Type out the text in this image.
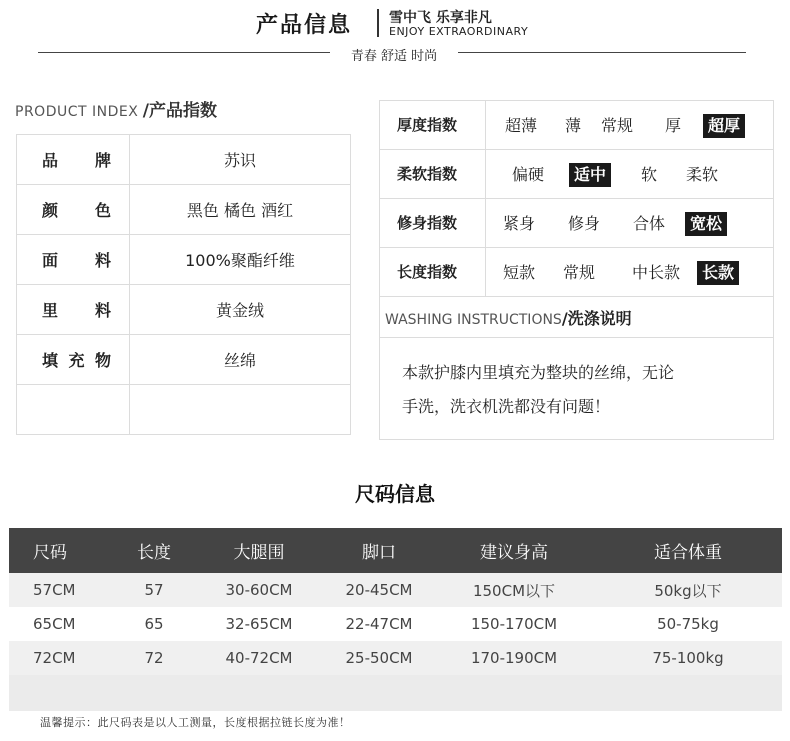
产品信息	雪中飞 乐享非凡
ENJOY EXTRAORDINARY
青春 舒适 时尚
PRODUCT INDEX /产品指数
品牌	苏识

颜色	黑色 橘色 酒红

面料	100%聚酯纤维

里料	黄金绒

填充物	丝绵

厚度指数	超薄	薄	常规	厚	超厚
柔软指数	偏硬	适中	软	柔软
修身指数	紧身	修身	合体	宽松
长度指数	短款	常规	中长款	长款
WASHING INSTRUCTIONS/洗涤说明
本款护膝内里填充为整块的丝绵，无论
手洗，洗衣机洗都没有问题！
尺码信息
尺码	长度	大腿围	脚口	建议身高	适合体重
57CM	57	30-60CM	20-45CM	150CM以下	50kg以下
65CM	65	32-65CM	22-47CM	150-170CM	50-75kg
72CM	72	40-72CM	25-50CM	170-190CM	75-100kg

温馨提示：此尺码表是以人工测量，长度根据拉链长度为准！
